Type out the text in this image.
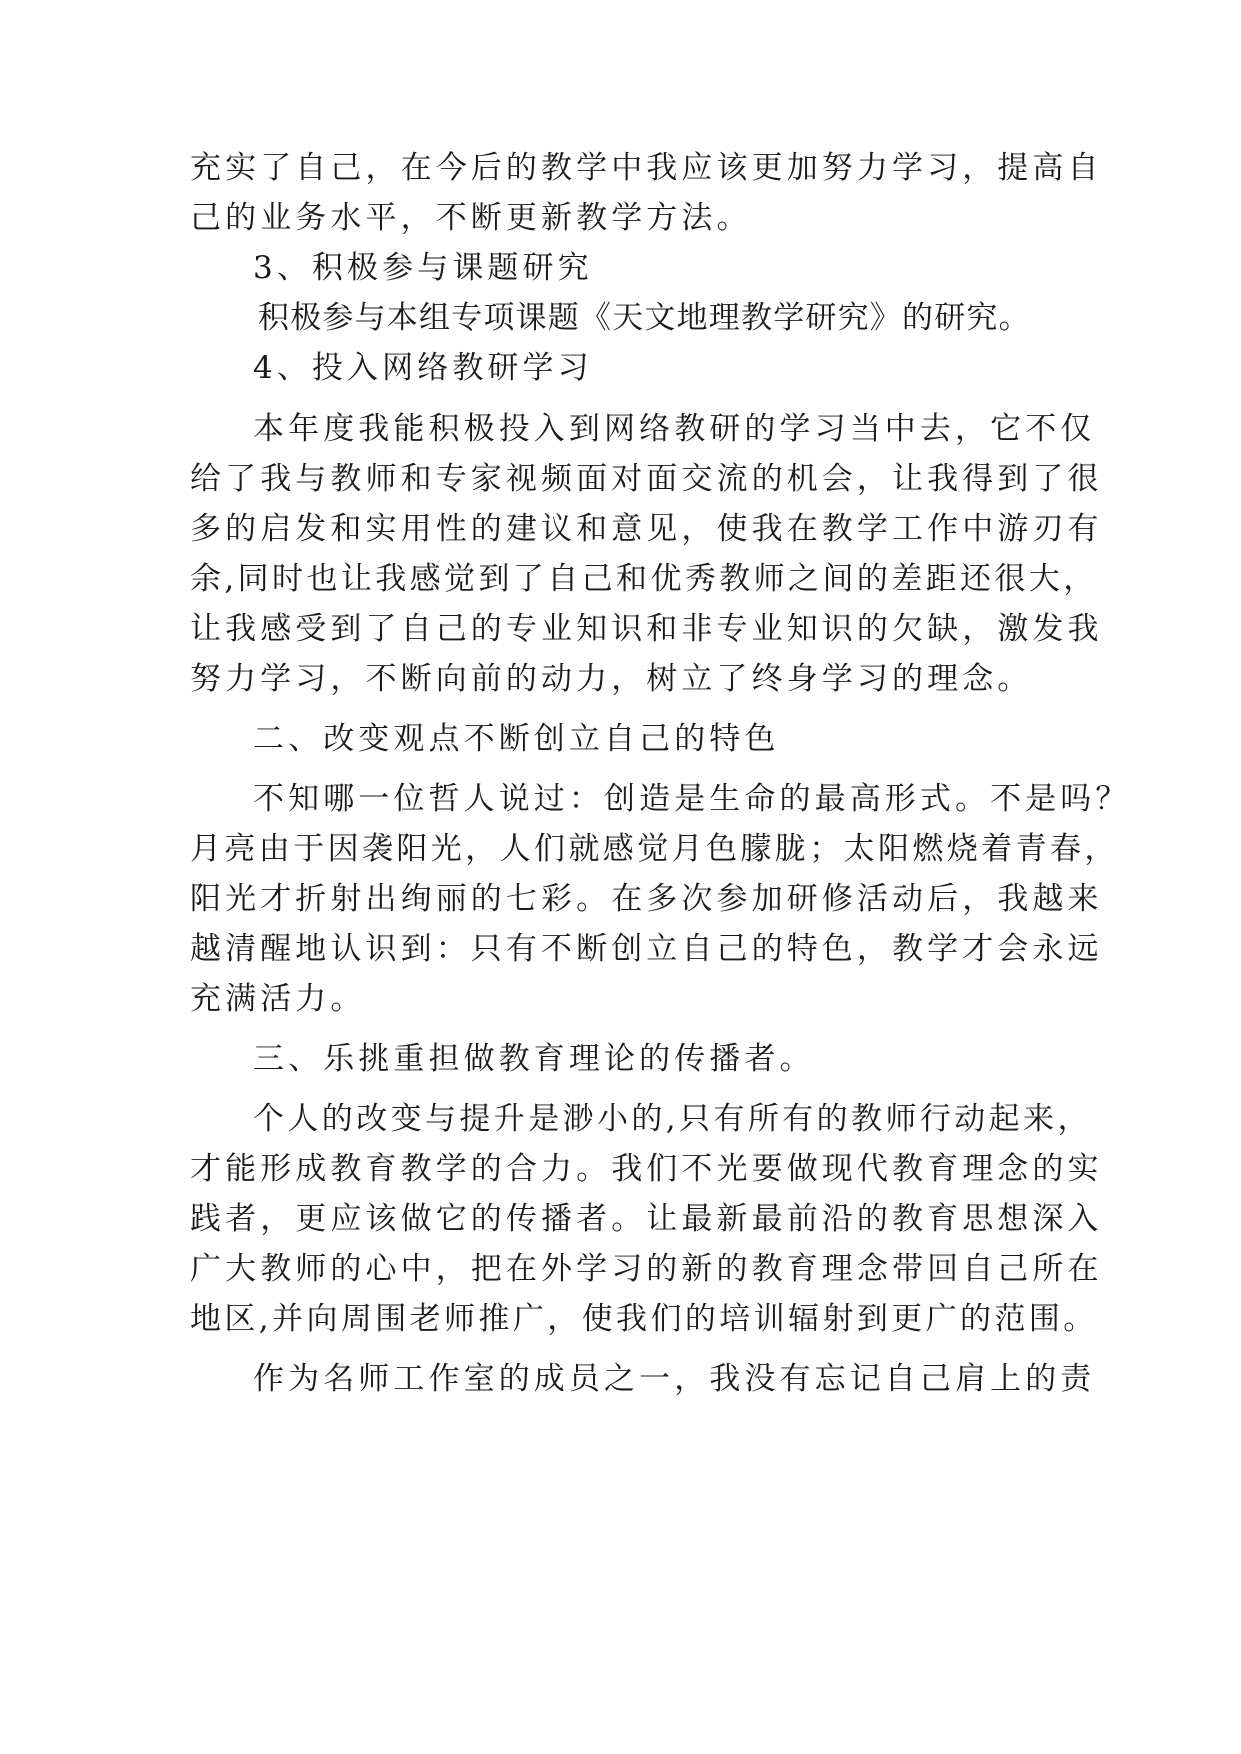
充实了自己，在今后的教学中我应该更加努力学习，提高自
己的业务水平，不断更新教学方法。
3、积极参与课题研究
积极参与本组专项课题《天文地理教学研究》的研究。
4、投入网络教研学习
本年度我能积极投入到网络教研的学习当中去，它不仅
给了我与教师和专家视频面对面交流的机会，让我得到了很
多的启发和实用性的建议和意见，使我在教学工作中游刃有
余,同时也让我感觉到了自己和优秀教师之间的差距还很大，
让我感受到了自己的专业知识和非专业知识的欠缺，激发我
努力学习，不断向前的动力，树立了终身学习的理念。
二、改变观点不断创立自己的特色
不知哪一位哲人说过：创造是生命的最高形式。不是吗？
月亮由于因袭阳光，人们就感觉月色朦胧；太阳燃烧着青春，
阳光才折射出绚丽的七彩。在多次参加研修活动后，我越来
越清醒地认识到：只有不断创立自己的特色，教学才会永远
充满活力。
三、乐挑重担做教育理论的传播者。
个人的改变与提升是渺小的,只有所有的教师行动起来，
才能形成教育教学的合力。我们不光要做现代教育理念的实
践者，更应该做它的传播者。让最新最前沿的教育思想深入
广大教师的心中，把在外学习的新的教育理念带回自己所在
地区,并向周围老师推广，使我们的培训辐射到更广的范围。
作为名师工作室的成员之一，我没有忘记自己肩上的责
